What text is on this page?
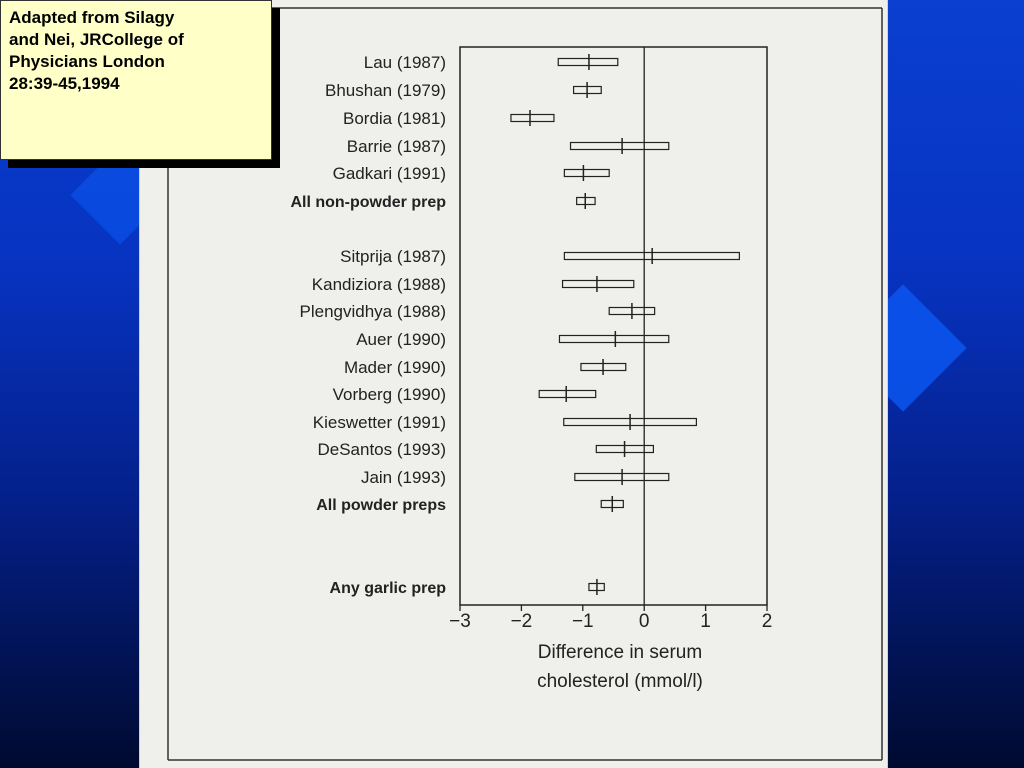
Lau (1987)
Bhushan (1979)
Bordia (1981)
Barrie (1987)
Gadkari (1991)
All non-powder prep
Sitprija (1987)
Kandiziora (1988)
Plengvidhya (1988)
Auer (1990)
Mader (1990)
Vorberg (1990)
Kieswetter (1991)
DeSantos (1993)
Jain (1993)
All powder preps
Any garlic prep
−3 −2 −1 0	1	2
Difference in serum
cholesterol (mmol/l)
Adapted from Silagy
and Nei, JRCollege of
Physicians London
28:39-45,1994
